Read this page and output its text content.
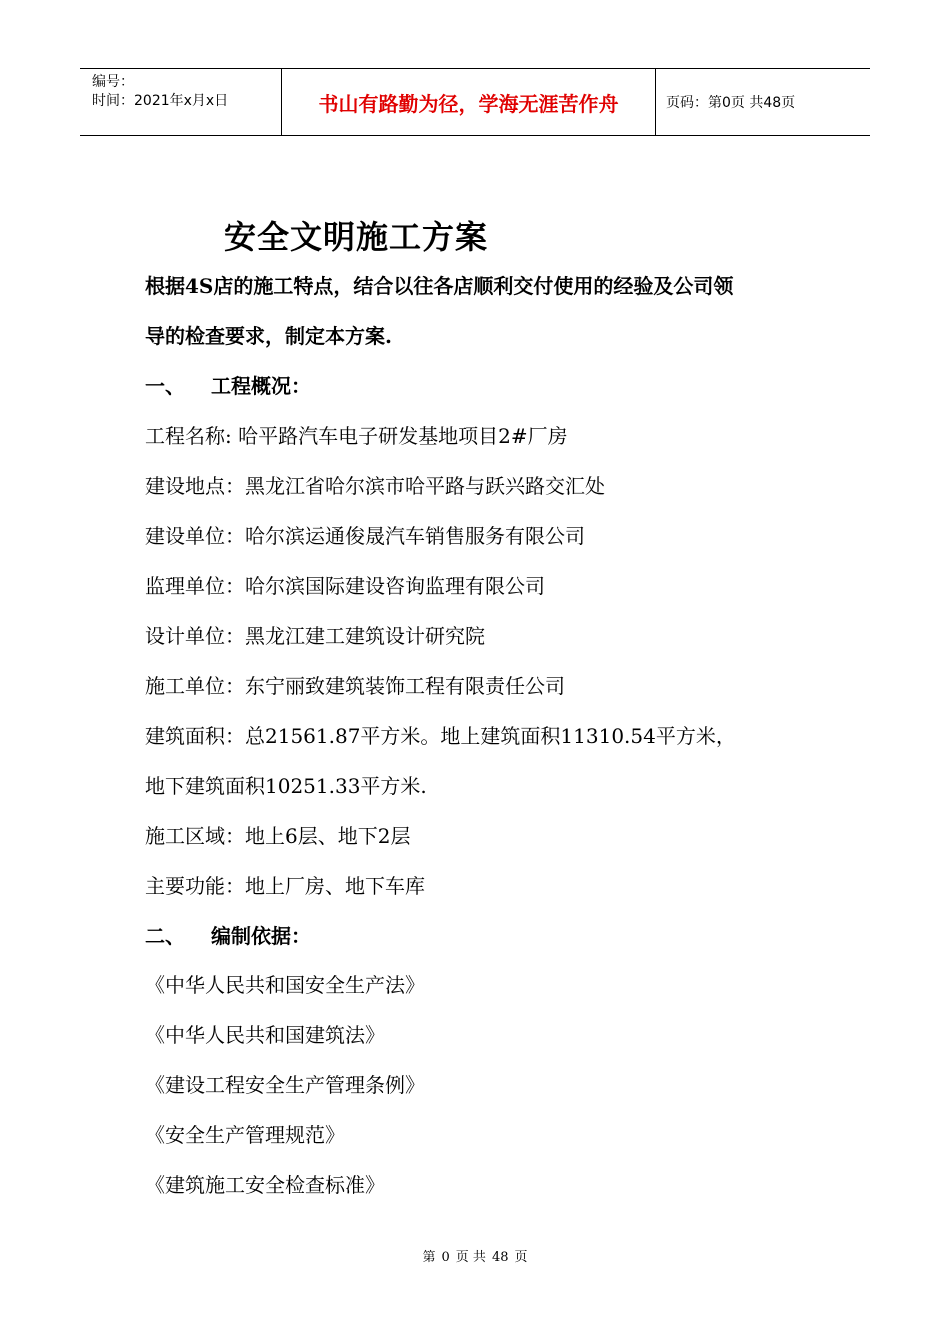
编号：
时间：2021年x月x日	书山有路勤为径，学海无涯苦作舟	页码：第0页 共48页
安全文明施工方案
根据4S店的施工特点，结合以往各店顺利交付使用的经验及公司领
导的检查要求，制定本方案.
一、 工程概况：
工程名称: 哈平路汽车电子研发基地项目2#厂房
建设地点：黑龙江省哈尔滨市哈平路与跃兴路交汇处
建设单位：哈尔滨运通俊晟汽车销售服务有限公司
监理单位：哈尔滨国际建设咨询监理有限公司
设计单位：黑龙江建工建筑设计研究院
施工单位：东宁丽致建筑装饰工程有限责任公司
建筑面积：总21561.87平方米。地上建筑面积11310.54平方米，
地下建筑面积10251.33平方米.
施工区域：地上6层、地下2层
主要功能：地上厂房、地下车库
二、 编制依据：
《中华人民共和国安全生产法》
《中华人民共和国建筑法》
《建设工程安全生产管理条例》
《安全生产管理规范》
《建筑施工安全检查标准》
第 0 页 共 48 页
